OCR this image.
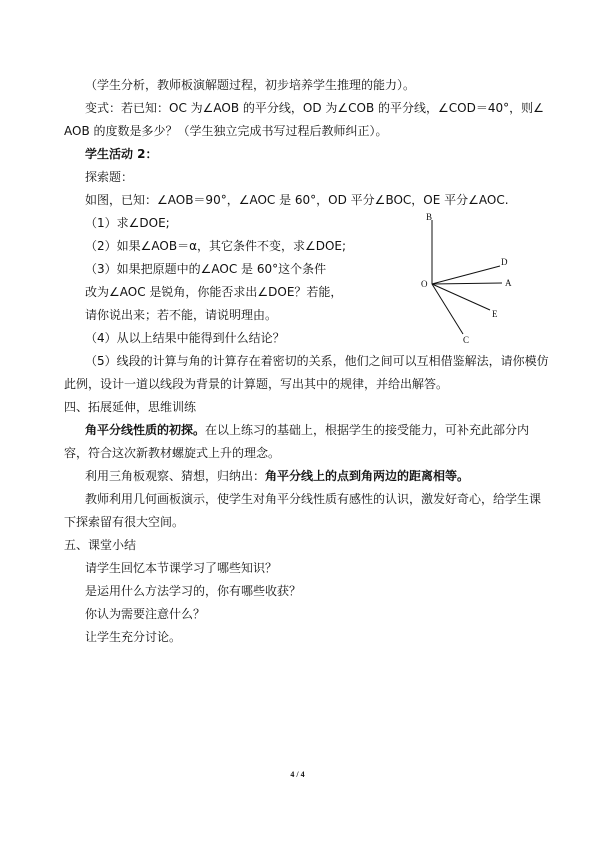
（学生分析，教师板演解题过程，初步培养学生推理的能力）。
变式：若已知：OC 为∠AOB 的平分线，OD 为∠COB 的平分线，∠COD＝40°，则∠
AOB 的度数是多少？（学生独立完成书写过程后教师纠正）。
学生活动 2：
探索题：
如图，已知：∠AOB＝90°，∠AOC 是 60°，OD 平分∠BOC，OE 平分∠AOC.
（1）求∠DOE;
（2）如果∠AOB＝α，其它条件不变，求∠DOE;
（3）如果把原题中的∠AOC 是 60°这个条件
改为∠AOC 是锐角，你能否求出∠DOE？若能，
请你说出来；若不能，请说明理由。
（4）从以上结果中能得到什么结论？
（5）线段的计算与角的计算存在着密切的关系，他们之间可以互相借鉴解法，请你模仿
此例，设计一道以线段为背景的计算题，写出其中的规律，并给出解答。
四、拓展延伸，思维训练
角平分线性质的初探。在以上练习的基础上，根据学生的接受能力，可补充此部分内
容，符合这次新教材螺旋式上升的理念。
利用三角板观察、猜想，归纳出：角平分线上的点到角两边的距离相等。
教师利用几何画板演示，使学生对角平分线性质有感性的认识，激发好奇心，给学生课
下探索留有很大空间。
五、课堂小结
请学生回忆本节课学习了哪些知识？
是运用什么方法学习的，你有哪些收获？
你认为需要注意什么？
让学生充分讨论。
B
D
A
O
E
C
4 / 4
